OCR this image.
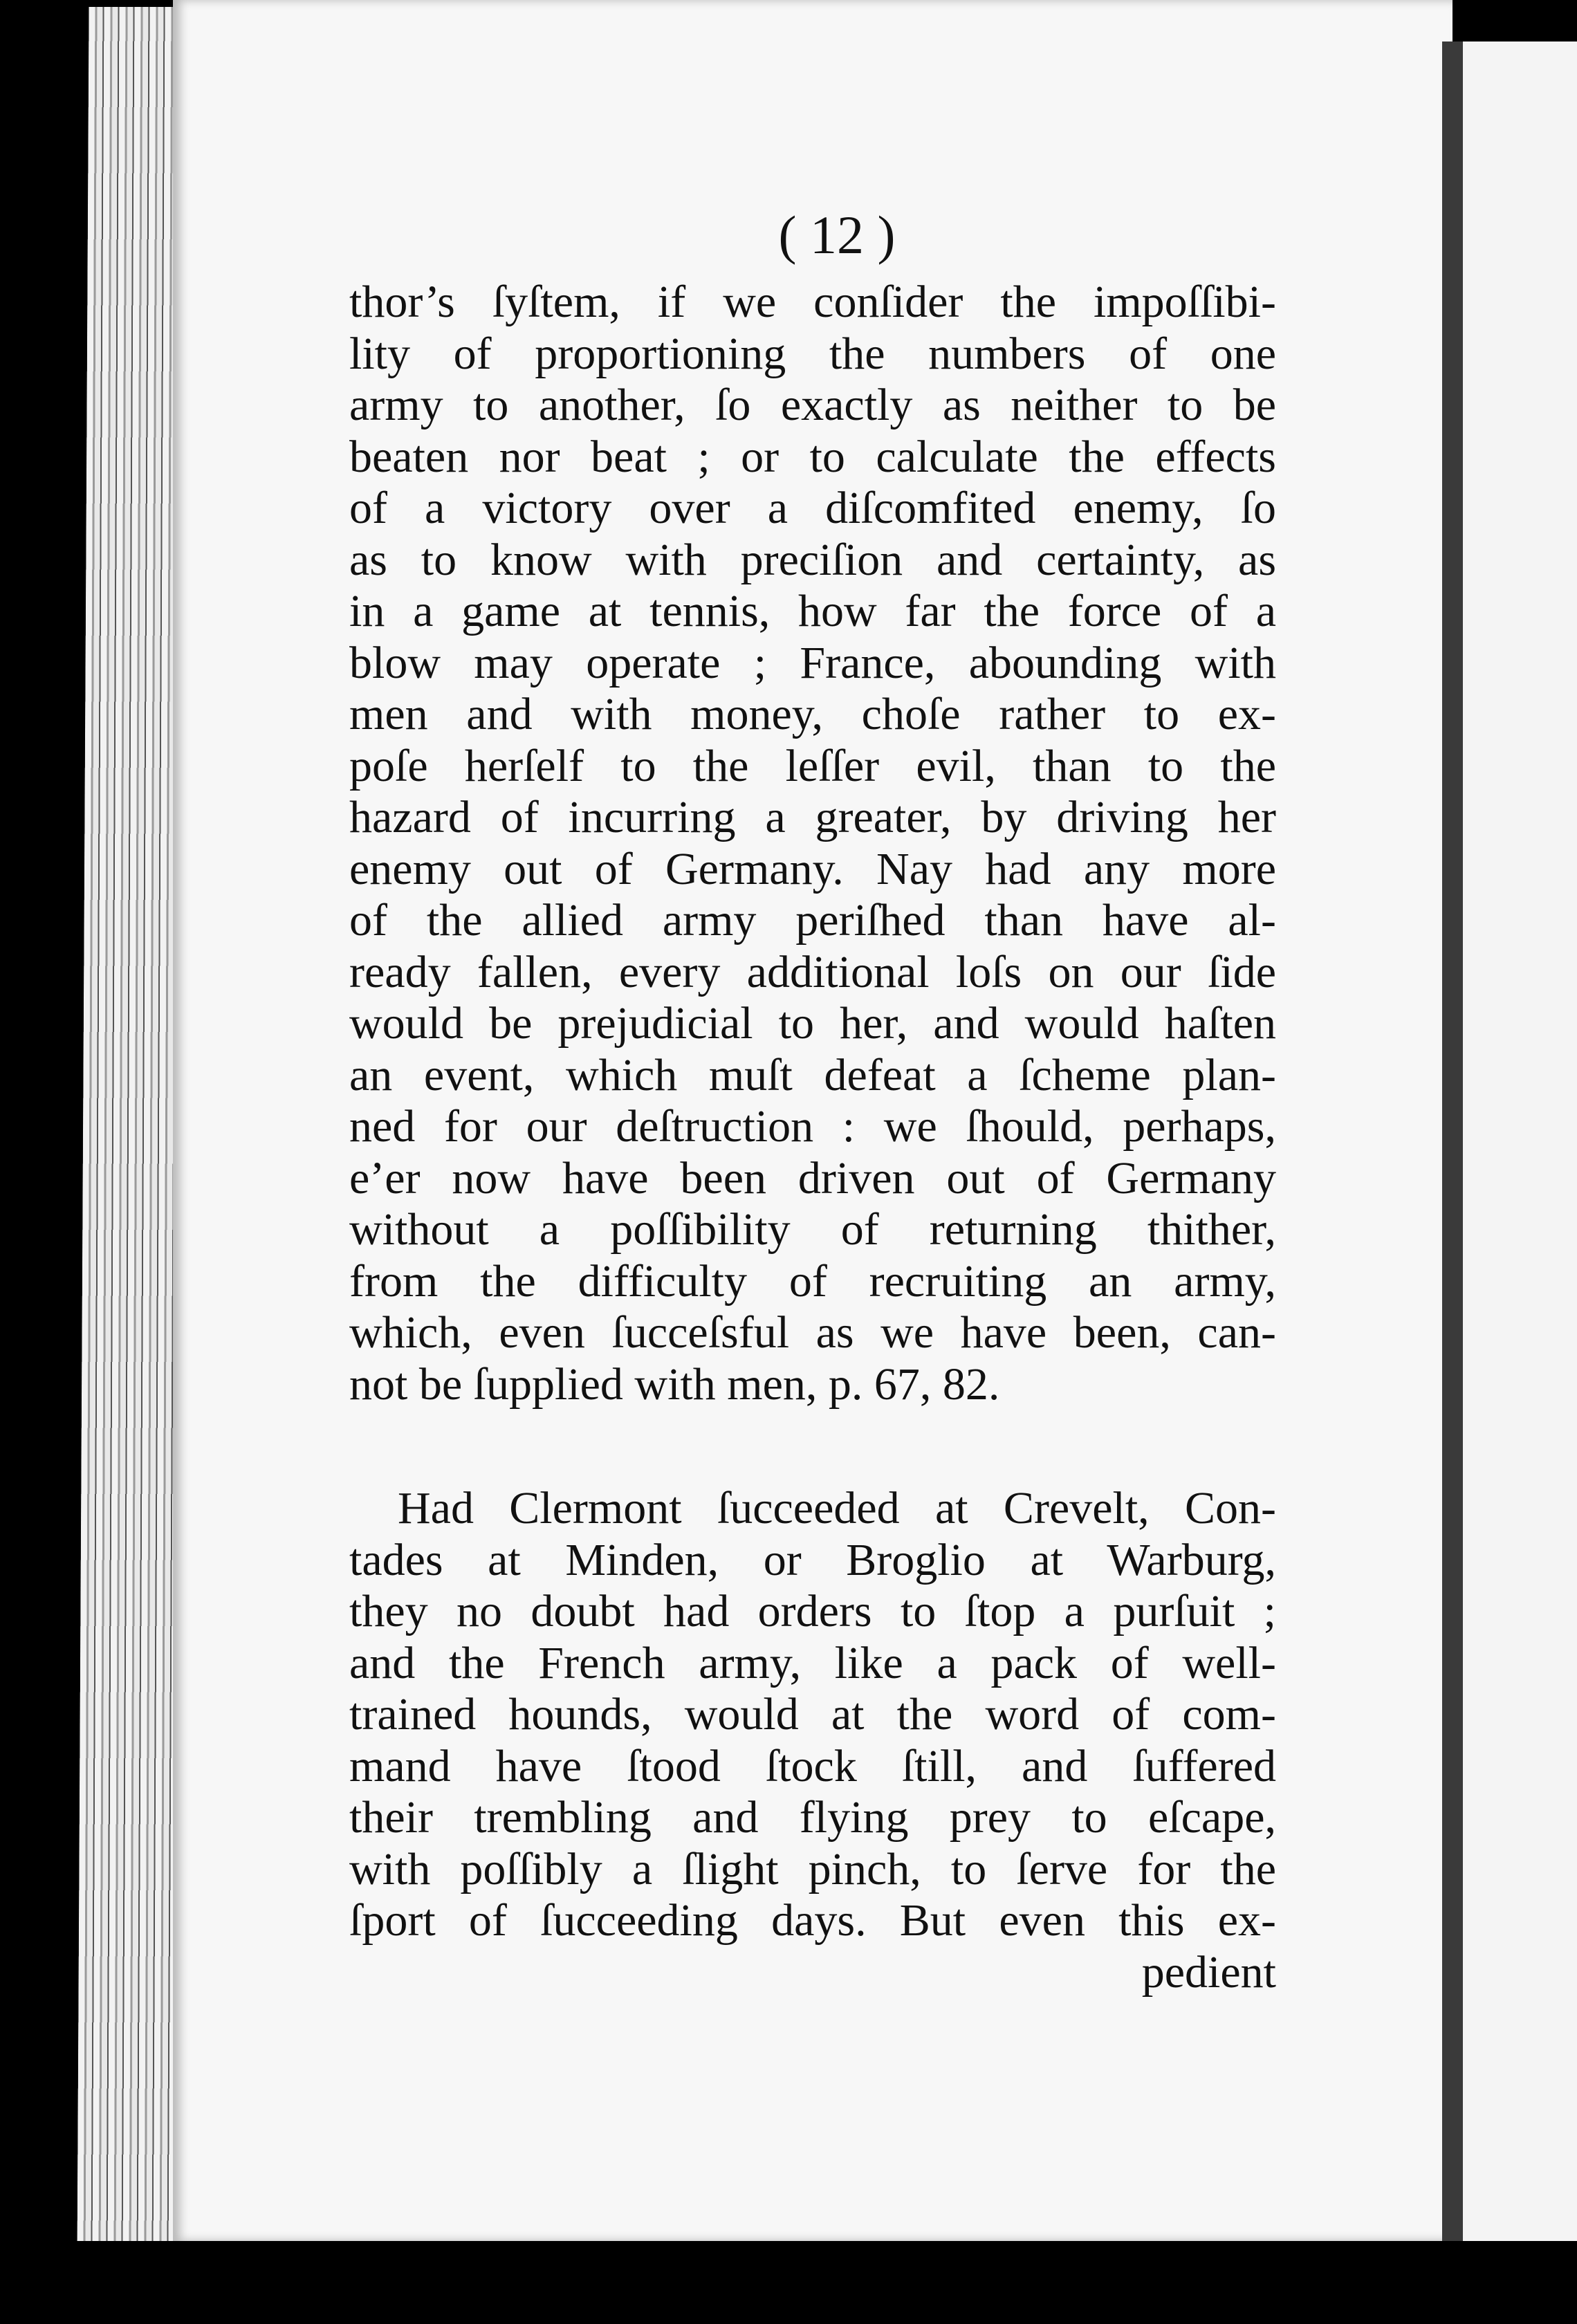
( 12 )
thor’s ſyſtem, if we conſider the impoſſibi-
lity of proportioning the numbers of one
army to another, ſo exactly as neither to be
beaten nor beat ; or to calculate the effects
of a victory over a diſcomfited enemy, ſo
as to know with preciſion and certainty, as
in a game at tennis, how far the force of a
blow may operate ; France, abounding with
men and with money, choſe rather to ex-
poſe herſelf to the leſſer evil, than to the
hazard of incurring a greater, by driving her
enemy out of Germany. Nay had any more
of the allied army periſhed than have al-
ready fallen, every additional loſs on our ſide
would be prejudicial to her, and would haſten
an event, which muſt defeat a ſcheme plan-
ned for our deſtruction : we ſhould, perhaps,
e’er now have been driven out of Germany
without a poſſibility of returning thither,
from the difficulty of recruiting an army,
which, even ſucceſsful as we have been, can-
not be ſupplied with men, p. 67, 82.
Had Clermont ſucceeded at Crevelt, Con-
tades at Minden, or Broglio at Warburg,
they no doubt had orders to ſtop a purſuit ;
and the French army, like a pack of well-
trained hounds, would at the word of com-
mand have ſtood ſtock ſtill, and ſuffered
their trembling and flying prey to eſcape,
with poſſibly a ſlight pinch, to ſerve for the
ſport of ſucceeding days. But even this ex-
pedient
